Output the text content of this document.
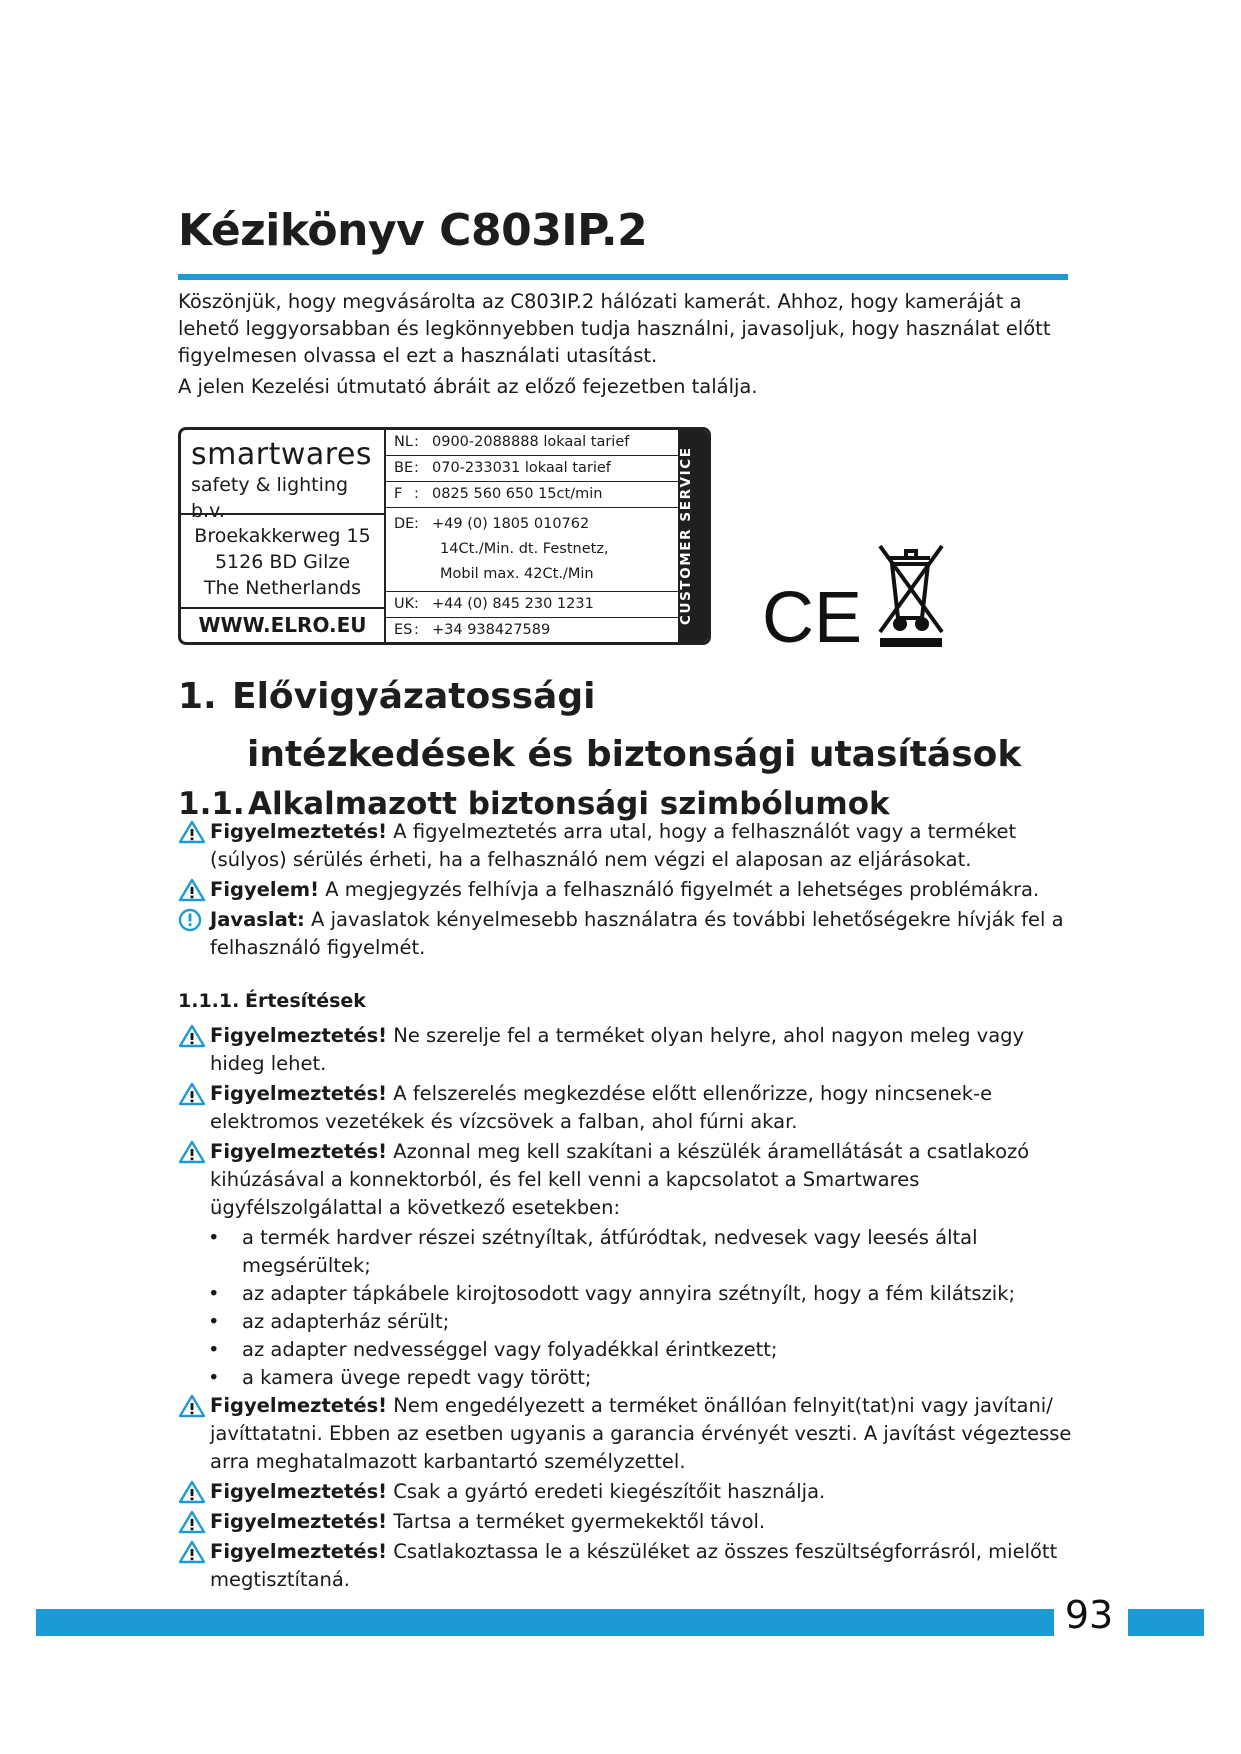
Kézikönyv C803IP.2

Köszönjük, hogy megvásárolta az C803IP.2 hálózati kamerát. Ahhoz, hogy kameráját a lehető leggyorsabban és legkönnyebben tudja használni, javasoljuk, hogy használat előtt figyelmesen olvassa el ezt a használati utasítást.

A jelen Kezelési útmutató ábráit az előző fejezetben találja.

smartwares
safety & lighting b.v.
Broekakkerweg 15
5126 BD Gilze
The Netherlands
WWW.ELRO.EU
NL: 0900-2088888 lokaal tarief
BE: 070-233031 lokaal tarief
F : 0825 560 650 15ct/min
DE: +49 (0) 1805 010762
14Ct./Min. dt. Festnetz,
Mobil max. 42Ct./Min
UK: +44 (0) 845 230 1231
ES : +34 938427589
CUSTOMER SERVICE CE
1. Elővigyázatossági
intézkedések és biztonsági utasítások
1.1. Alkalmazott biztonsági szimbólumok
Figyelmeztetés! A figyelmeztetés arra utal, hogy a felhasználót vagy a terméket (súlyos) sérülés érheti, ha a felhasználó nem végzi el alaposan az eljárásokat.
Figyelem! A megjegyzés felhívja a felhasználó figyelmét a lehetséges problémákra.
Javaslat: A javaslatok kényelmesebb használatra és további lehetőségekre hívják fel a felhasználó figyelmét.
1.1.1. Értesítések
Figyelmeztetés! Ne szerelje fel a terméket olyan helyre, ahol nagyon meleg vagy hideg lehet.
Figyelmeztetés! A felszerelés megkezdése előtt ellenőrizze, hogy nincsenek-e elektromos vezetékek és vízcsövek a falban, ahol fúrni akar.
Figyelmeztetés! Azonnal meg kell szakítani a készülék áramellátását a csatlakozó kihúzásával a konnektorból, és fel kell venni a kapcsolatot a Smartwares ügyfélszolgálattal a következő esetekben:
• a termék hardver részei szétnyíltak, átfúródtak, nedvesek vagy leesés által megsérültek;
• az adapter tápkábele kirojtosodott vagy annyira szétnyílt, hogy a fém kilátszik;
• az adapterház sérült;
• az adapter nedvességgel vagy folyadékkal érintkezett;
• a kamera üvege repedt vagy törött;
Figyelmeztetés! Nem engedélyezett a terméket önállóan felnyit(tat)ni vagy javítani/ javíttatatni. Ebben az esetben ugyanis a garancia érvényét veszti. A javítást végeztesse arra meghatalmazott karbantartó személyzettel.
Figyelmeztetés! Csak a gyártó eredeti kiegészítőit használja.
Figyelmeztetés! Tartsa a terméket gyermekektől távol.
Figyelmeztetés! Csatlakoztassa le a készüléket az összes feszültségforrásról, mielőtt megtisztítaná.
93
